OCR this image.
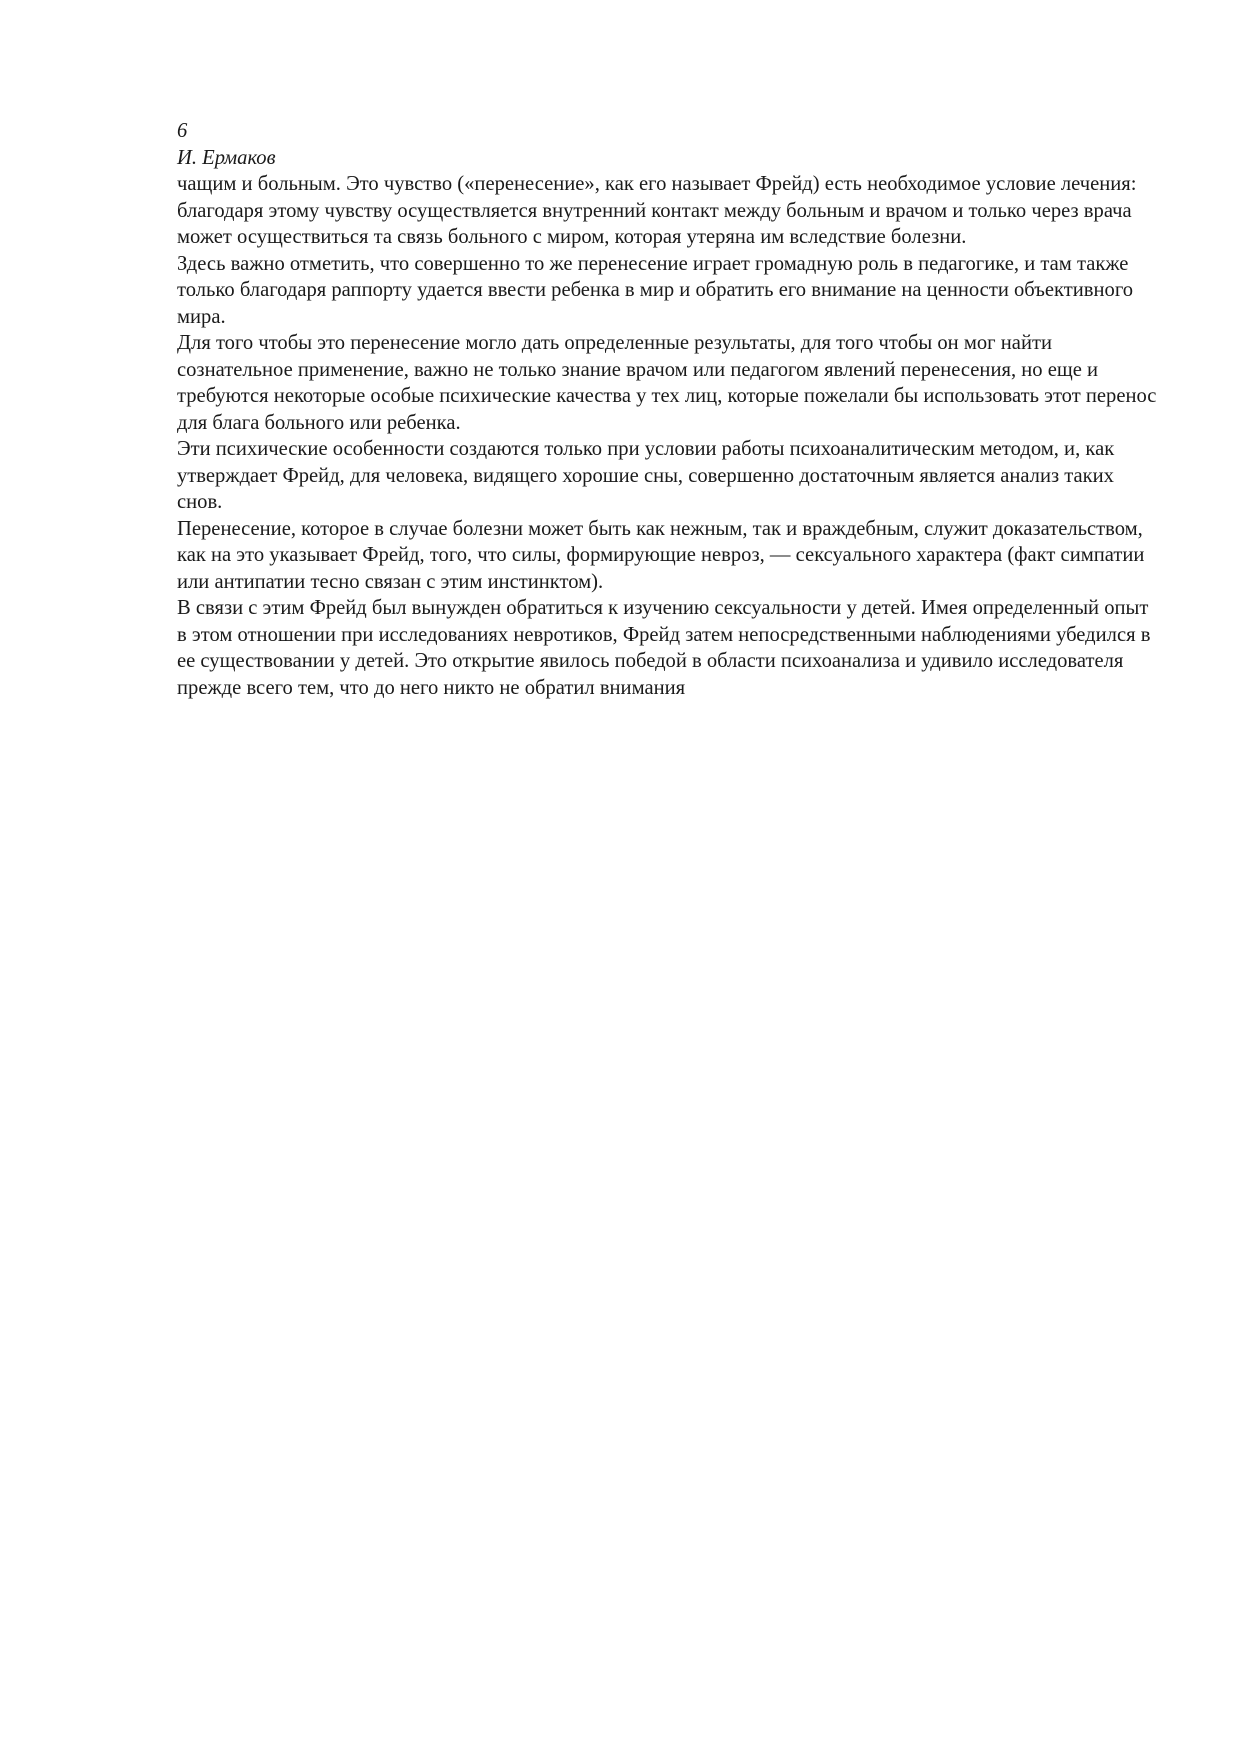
6

И. Ермаков

чащим и больным. Это чувство («перенесение», как его называет Фрейд) есть необходимое условие лечения: благодаря этому чувству осуществляется внутренний контакт между больным и врачом и только через врача может осуществиться та связь больного с миром, которая утеряна им вследствие болезни.

Здесь важно отметить, что совершенно то же перенесение играет громадную роль в педагогике, и там также только благодаря раппорту удается ввести ребенка в мир и обратить его внимание на ценности объективного мира.

Для того чтобы это перенесение могло дать определенные результаты, для того чтобы он мог найти сознательное применение, важно не только знание врачом или педагогом явлений перенесения, но еще и требуются некоторые особые психические качества у тех лиц, которые пожелали бы использовать этот перенос для блага больного или ребенка.

Эти психические особенности создаются только при условии работы психоаналитическим методом, и, как утверждает Фрейд, для человека, видящего хорошие сны, совершенно достаточным является анализ таких снов.

Перенесение, которое в случае болезни может быть как нежным, так и враждебным, служит доказательством, как на это указывает Фрейд, того, что силы, формирующие невроз, — сексуального характера (факт симпатии или антипатии тесно связан с этим инстинктом).

В связи с этим Фрейд был вынужден обратиться к изучению сексуальности у детей. Имея определенный опыт в этом отношении при исследованиях невротиков, Фрейд затем непосредственными наблюдениями убедился в ее существовании у детей. Это открытие явилось победой в области психоанализа и удивило исследователя прежде всего тем, что до него никто не обратил внимания
